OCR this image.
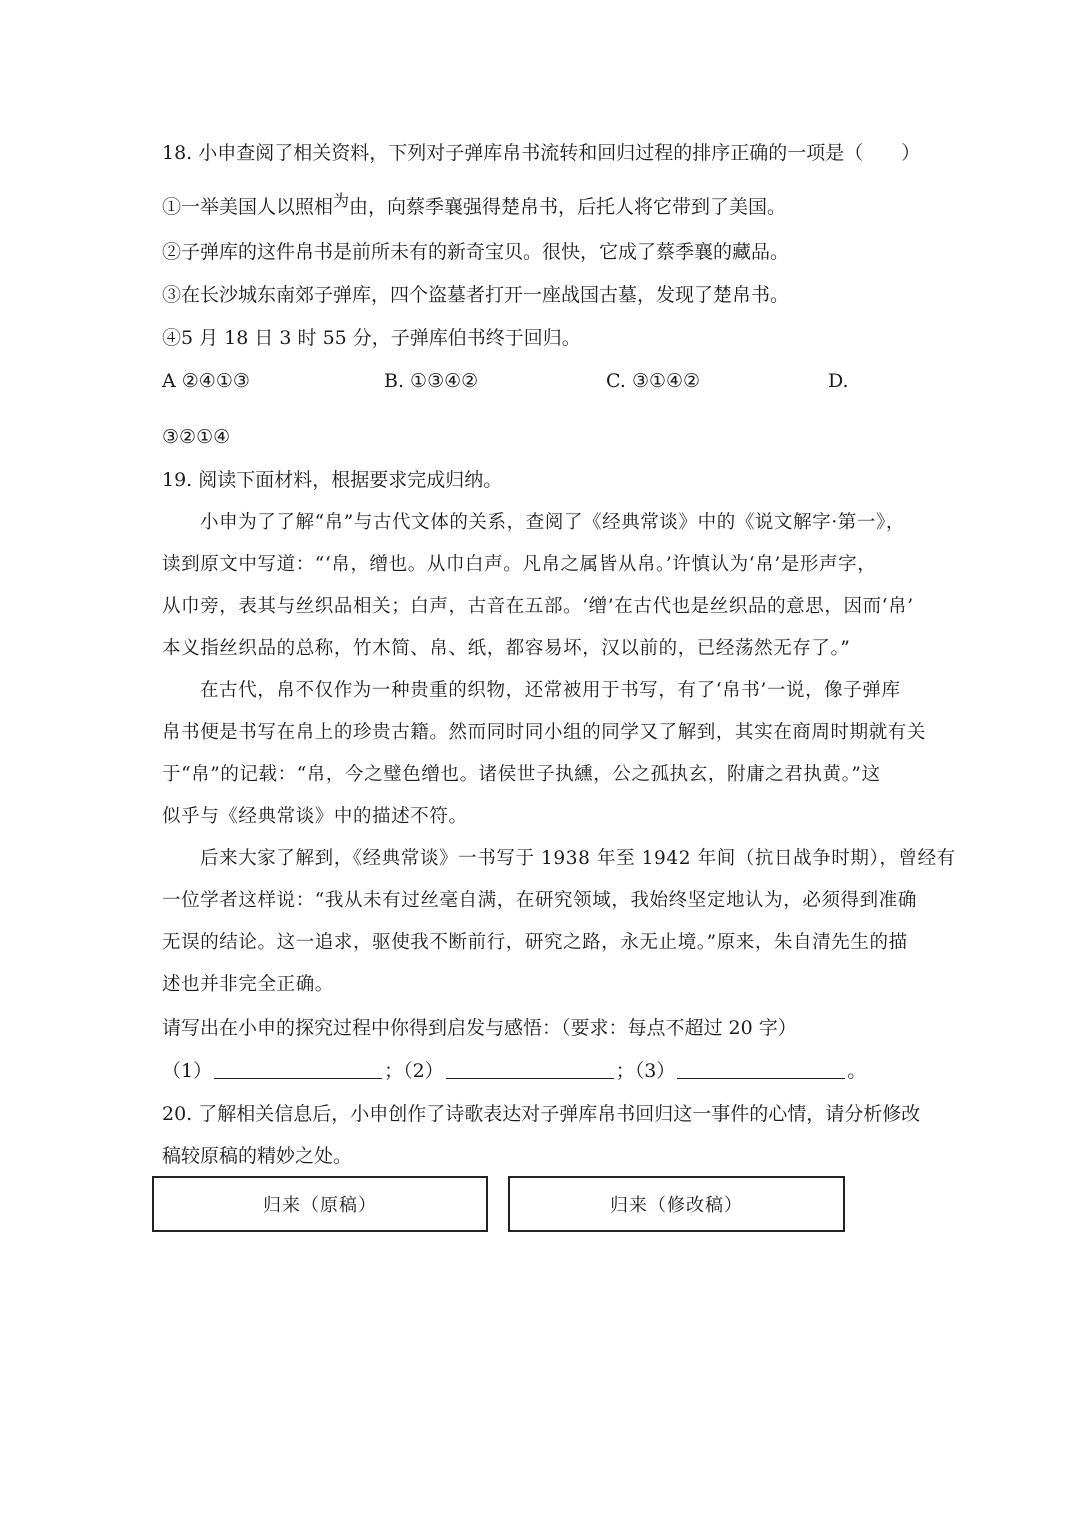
18. 小申查阅了相关资料，下列对子弹库帛书流转和回归过程的排序正确的一项是（　　）
①一举美国人以照相$^为$由，向蔡季襄强得楚帛书，后托人将它带到了美国。
②子弹库的这件帛书是前所未有的新奇宝贝。很快，它成了蔡季襄的藏品。
③在长沙城东南郊子弹库，四个盗墓者打开一座战国古墓，发现了楚帛书。
④5 月 18 日 3 时 55 分，子弹库伯书终于回归。
A ②④①③	B. ①③④②	C. ③①④②	D.
③②①④
19. 阅读下面材料，根据要求完成归纳。
小申为了了解“帛”与古代文体的关系，查阅了《经典常谈》中的《说文解字·第一》，
读到原文中写道：“‘帛，缯也。从巾白声。凡帛之属皆从帛。’许慎认为‘帛’是形声字，
从巾旁，表其与丝织品相关；白声，古音在五部。‘缯’在古代也是丝织品的意思，因而‘帛’
本义指丝织品的总称，竹木简、帛、纸，都容易坏，汉以前的，已经荡然无存了。”
在古代，帛不仅作为一种贵重的织物，还常被用于书写，有了‘帛书’一说，像子弹库
帛书便是书写在帛上的珍贵古籍。然而同时同小组的同学又了解到，其实在商周时期就有关
于“帛”的记载：“帛，今之璧色缯也。诸侯世子执纁，公之孤执玄，附庸之君执黄。”这
似乎与《经典常谈》中的描述不符。
后来大家了解到，《经典常谈》一书写于 1938 年至 1942 年间（抗日战争时期），曾经有
一位学者这样说：“我从未有过丝毫自满，在研究领域，我始终坚定地认为，必须得到准确
无误的结论。这一追求，驱使我不断前行，研究之路，永无止境。”原来，朱自清先生的描
述也并非完全正确。
请写出在小申的探究过程中你得到启发与感悟：（要求：每点不超过 20 字）
（1）	；（2）	；（3）	。
20. 了解相关信息后，小申创作了诗歌表达对子弹库帛书回归这一事件的心情，请分析修改
稿较原稿的精妙之处。
归来（原稿）	归来（修改稿）
